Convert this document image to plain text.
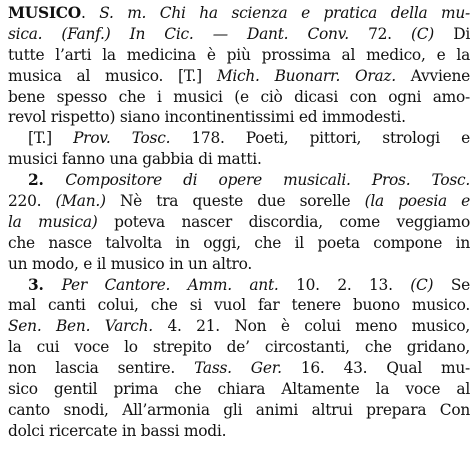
MUSICO. S. m. Chi ha scienza e pratica della mu-
sica. (Fanf.) In Cic. — Dant. Conv. 72. (C) Di
tutte l’arti la medicina è più prossima al medico, e la
musica al musico. [T.] Mich. Buonarr. Oraz. Avviene
bene spesso che i musici (e ciò dicasi con ogni amo-
revol rispetto) siano incontinentissimi ed immodesti.
[T.] Prov. Tosc. 178. Poeti, pittori, strologi e
musici fanno una gabbia di matti.
2. Compositore di opere musicali. Pros. Tosc.
220. (Man.) Nè tra queste due sorelle (la poesia e
la musica) poteva nascer discordia, come veggiamo
che nasce talvolta in oggi, che il poeta compone in
un modo, e il musico in un altro.
3. Per Cantore. Amm. ant. 10. 2. 13. (C) Se
mal canti colui, che si vuol far tenere buono musico.
Sen. Ben. Varch. 4. 21. Non è colui meno musico,
la cui voce lo strepito de’ circostanti, che gridano,
non lascia sentire. Tass. Ger. 16. 43. Qual mu-
sico gentil prima che chiara Altamente la voce al
canto snodi, All’armonia gli animi altrui prepara Con
dolci ricercate in bassi modi.
